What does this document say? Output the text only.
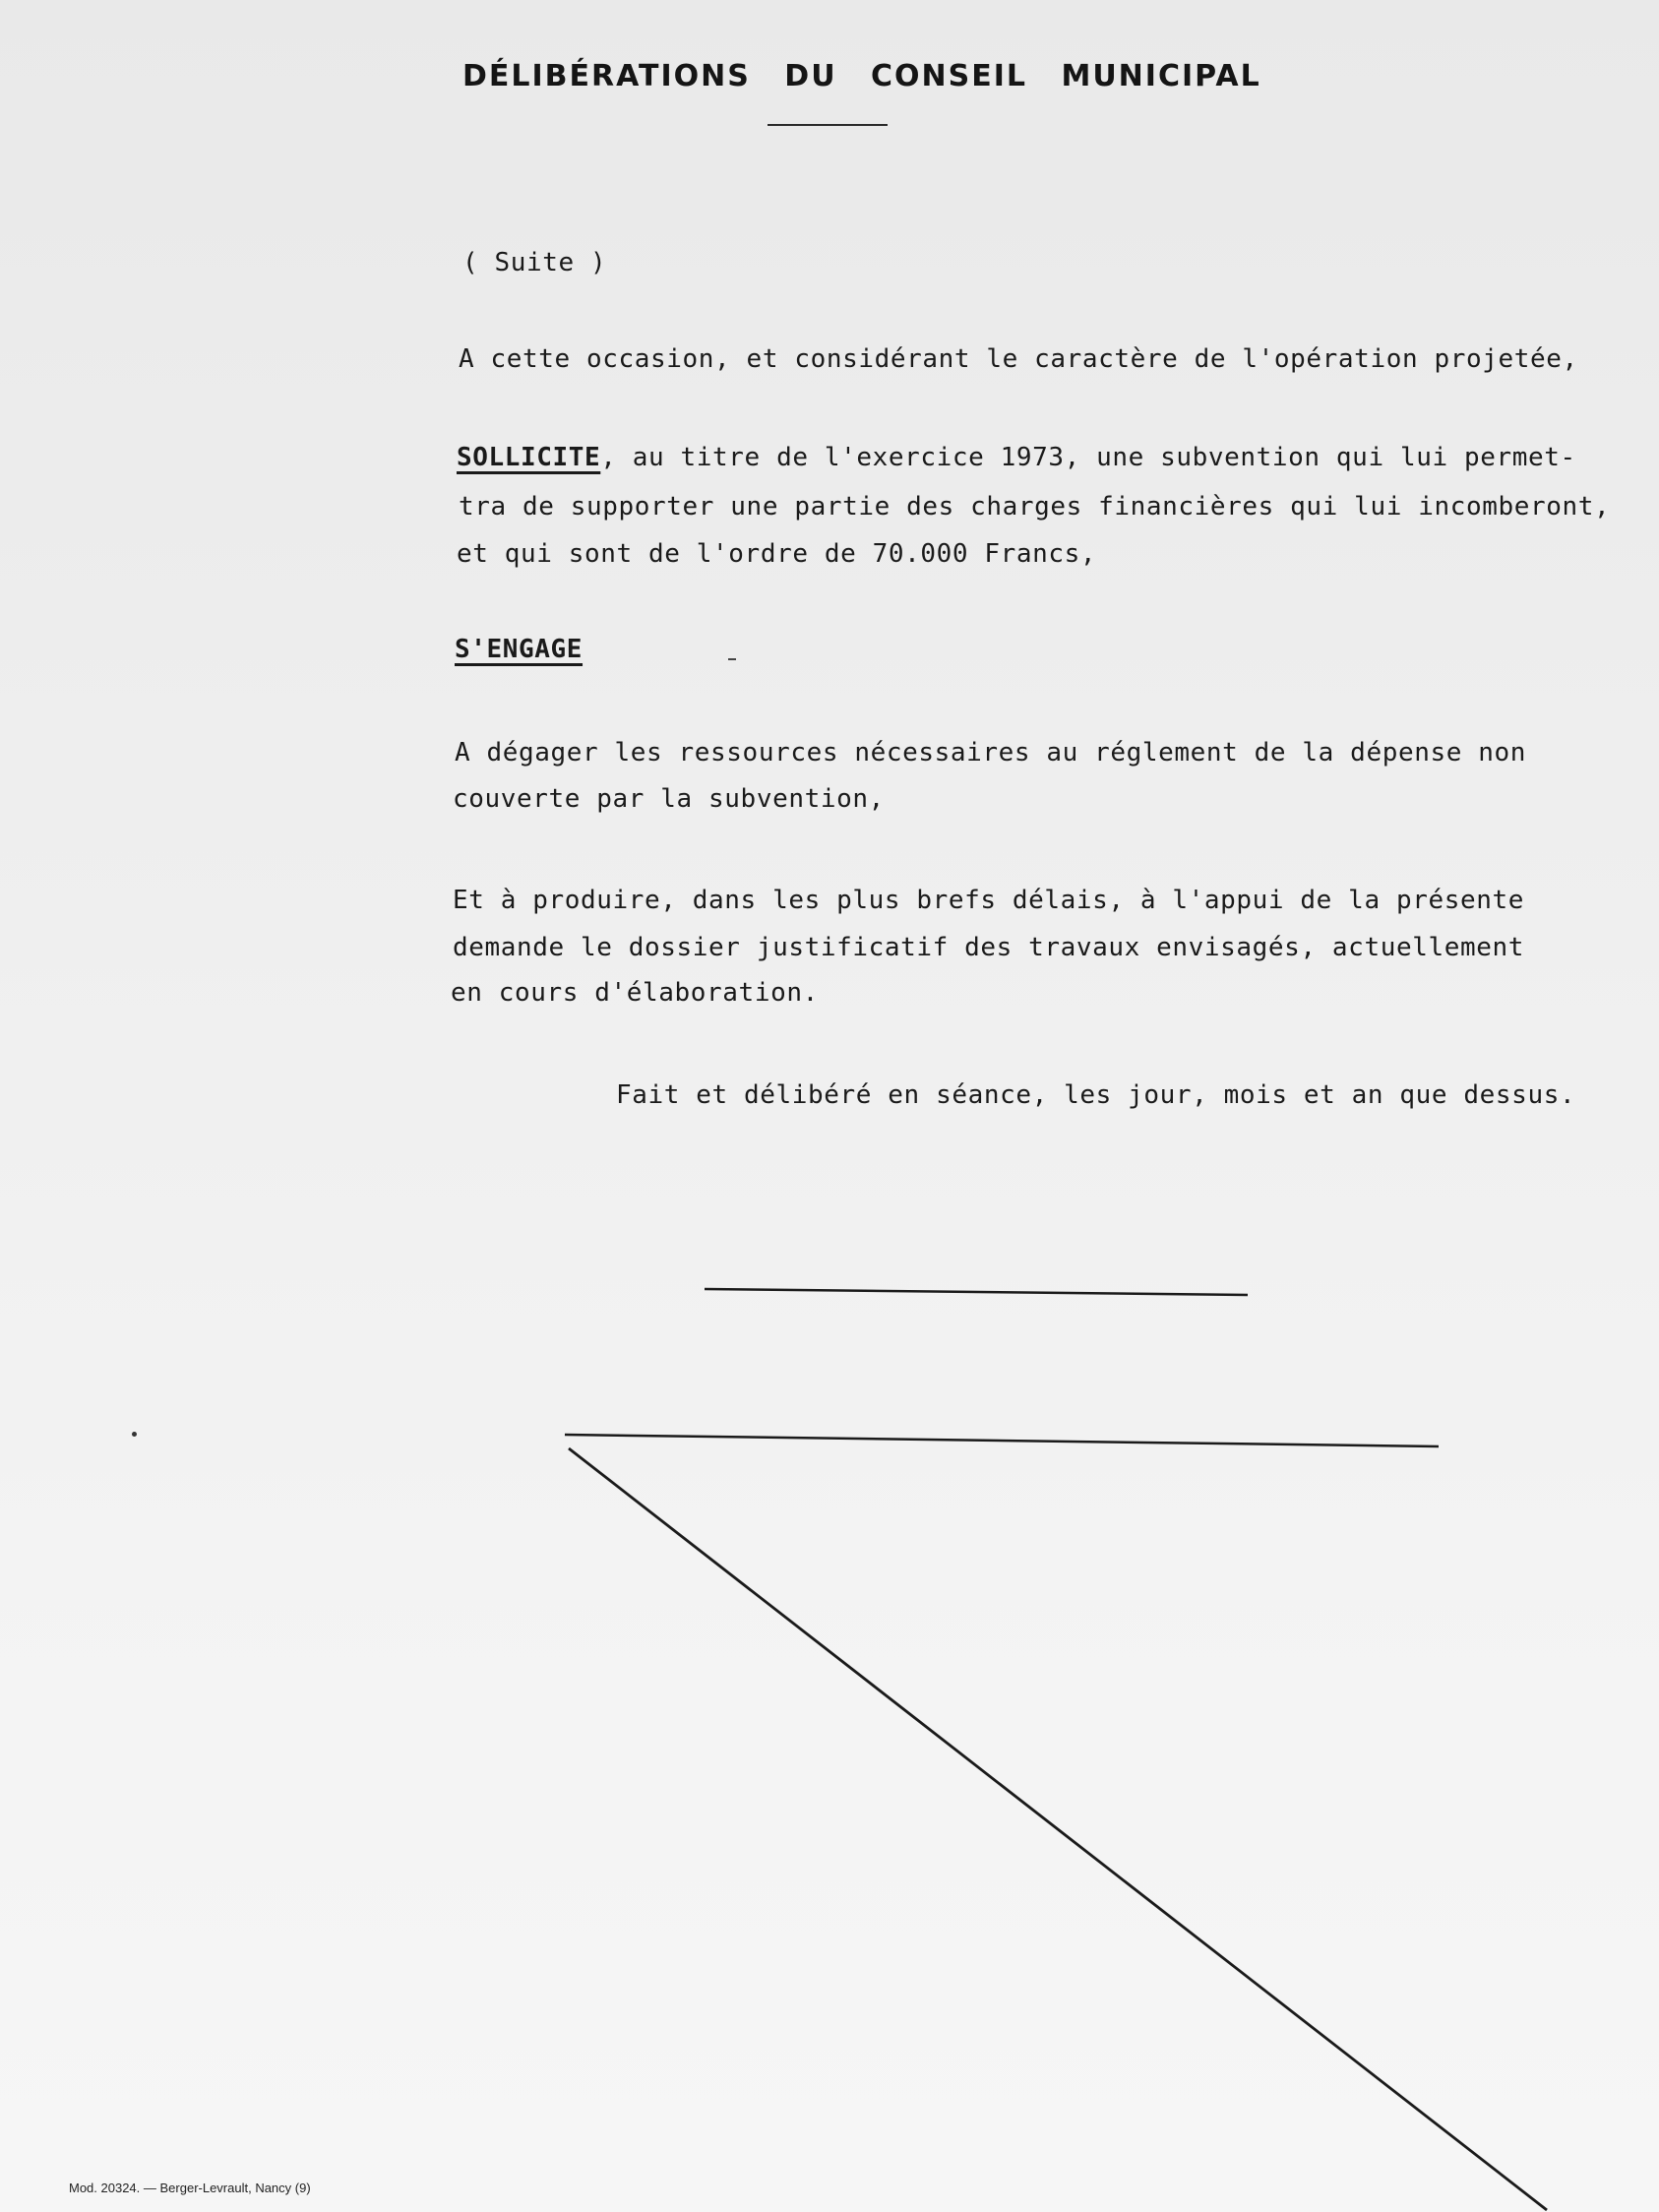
DÉLIBÉRATIONS DU CONSEIL MUNICIPAL
( Suite )
A cette occasion, et considérant le caractère de l'opération projetée,
SOLLICITE, au titre de l'exercice 1973, une subvention qui lui permet-
tra de supporter une partie des charges financières qui lui incomberont,
et qui sont de l'ordre de 70.000 Francs,
S'ENGAGE
A dégager les ressources nécessaires au réglement de la dépense non
couverte par la subvention,
Et à produire, dans les plus brefs délais, à l'appui de la présente
demande le dossier justificatif des travaux envisagés, actuellement
en cours d'élaboration.
Fait et délibéré en séance, les jour, mois et an que dessus.
Mod. 20324. — Berger-Levrault, Nancy (9)
